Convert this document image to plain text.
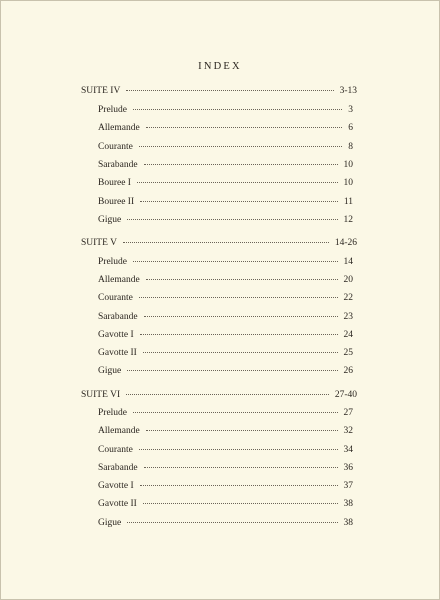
INDEX
SUITE IV	3-13
Prelude	3
Allemande	6
Courante	8
Sarabande	10
Bouree I	10
Bouree II	11
Gigue	12
SUITE V	14-26
Prelude	14
Allemande	20
Courante	22
Sarabande	23
Gavotte I	24
Gavotte II	25
Gigue	26
SUITE VI	27-40
Prelude	27
Allemande	32
Courante	34
Sarabande	36
Gavotte I	37
Gavotte II	38
Gigue	38
